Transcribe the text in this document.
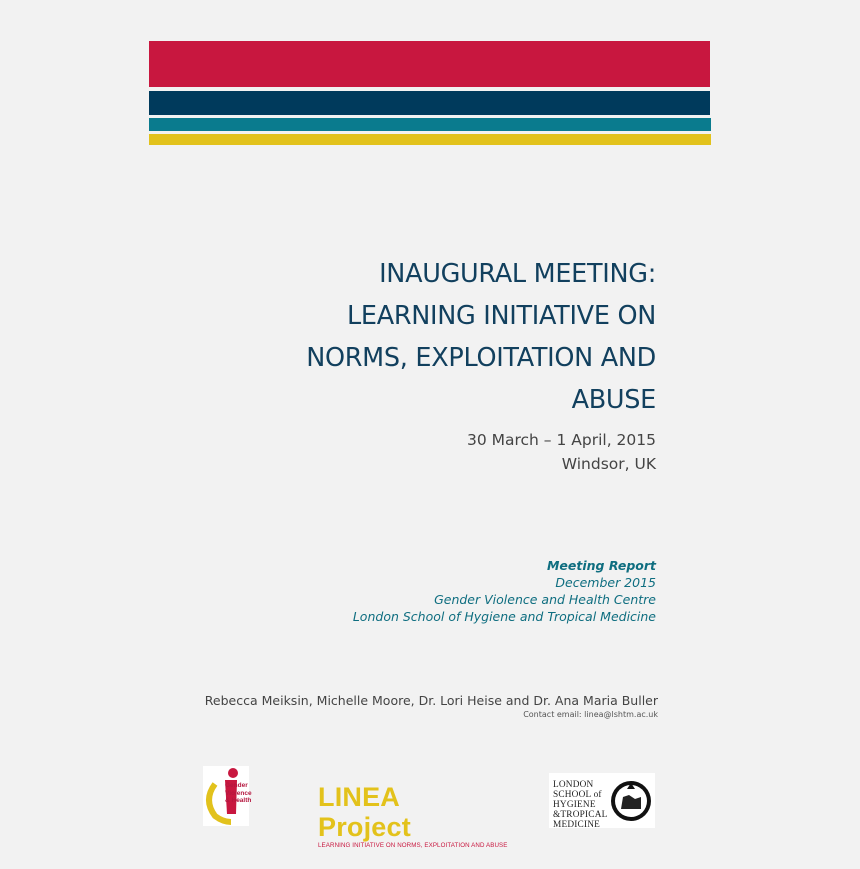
INAUGURAL MEETING:
LEARNING INITIATIVE ON
NORMS, EXPLOITATION AND
ABUSE
30 March – 1 April, 2015
Windsor, UK
Meeting Report
December 2015
Gender Violence and Health Centre
London School of Hygiene and Tropical Medicine
Rebecca Meiksin, Michelle Moore, Dr. Lori Heise and Dr. Ana Maria Buller
Contact email: linea@lshtm.ac.uk
Gender
Violence
& Health LINEA Project
LEARNING INITIATIVE ON NORMS, EXPLOITATION AND ABUSE
LONDON
SCHOOL of
HYGIENE
&TROPICAL
MEDICINE
